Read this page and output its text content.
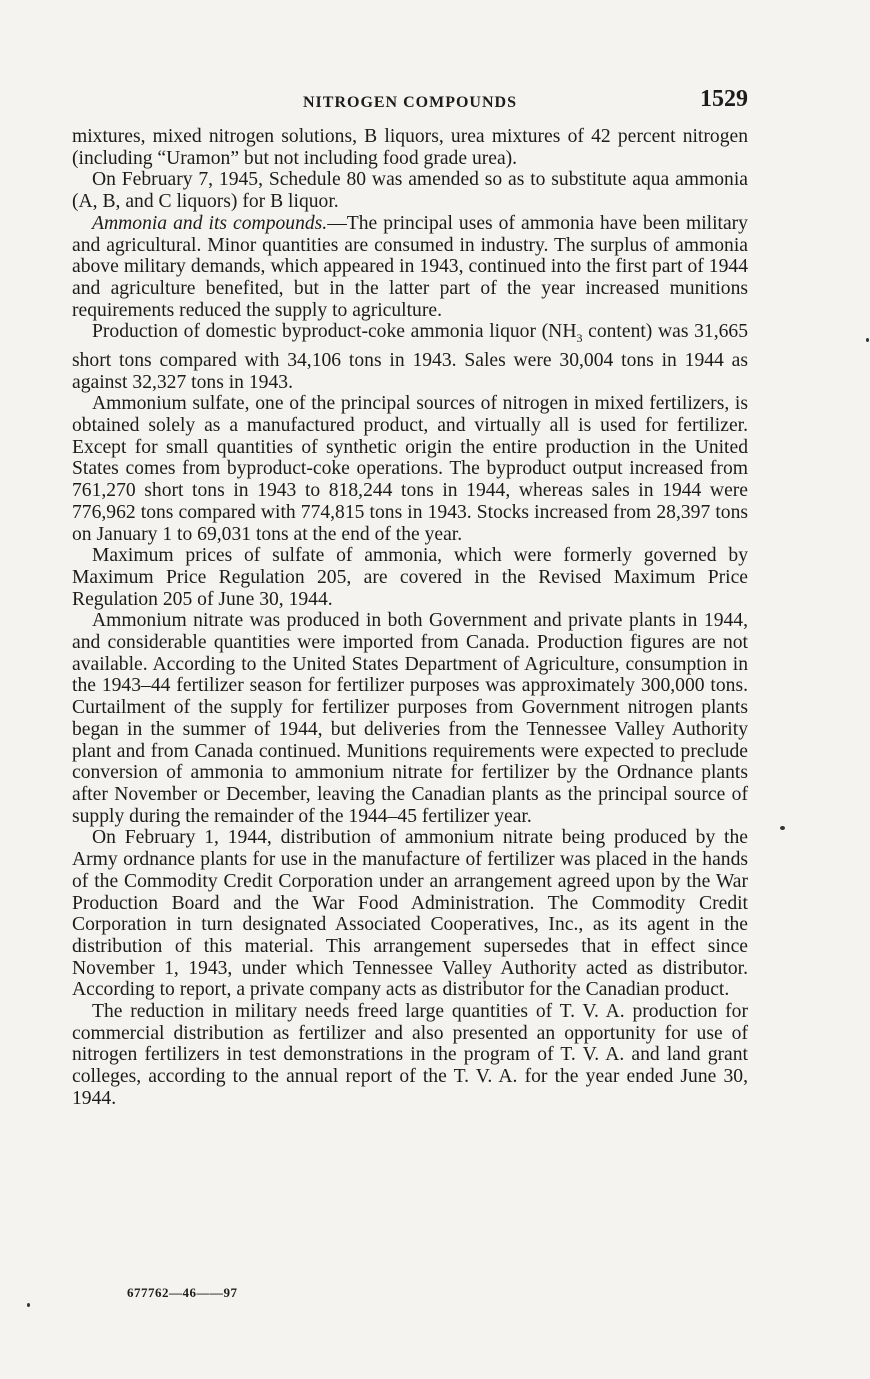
NITROGEN COMPOUNDS	1529

mixtures, mixed nitrogen solutions, B liquors, urea mixtures of 42 percent nitrogen (including “Uramon” but not including food grade urea).

On February 7, 1945, Schedule 80 was amended so as to substitute aqua ammonia (A, B, and C liquors) for B liquor.

Ammonia and its compounds.—The principal uses of ammonia have been military and agricultural. Minor quantities are consumed in industry. The surplus of ammonia above military demands, which appeared in 1943, continued into the first part of 1944 and agriculture benefited, but in the latter part of the year increased munitions requirements reduced the supply to agriculture.

Production of domestic byproduct-coke ammonia liquor ($NH_3$ content) was 31,665 short tons compared with 34,106 tons in 1943. Sales were 30,004 tons in 1944 as against 32,327 tons in 1943.

Ammonium sulfate, one of the principal sources of nitrogen in mixed fertilizers, is obtained solely as a manufactured product, and virtually all is used for fertilizer. Except for small quantities of synthetic origin the entire production in the United States comes from byproduct-coke operations. The byproduct output increased from 761,270 short tons in 1943 to 818,244 tons in 1944, whereas sales in 1944 were 776,962 tons compared with 774,815 tons in 1943. Stocks increased from 28,397 tons on January 1 to 69,031 tons at the end of the year.

Maximum prices of sulfate of ammonia, which were formerly governed by Maximum Price Regulation 205, are covered in the Revised Maximum Price Regulation 205 of June 30, 1944.

Ammonium nitrate was produced in both Government and private plants in 1944, and considerable quantities were imported from Canada. Production figures are not available. According to the United States Department of Agriculture, consumption in the 1943–44 fertilizer season for fertilizer purposes was approximately 300,000 tons. Curtailment of the supply for fertilizer purposes from Government nitrogen plants began in the summer of 1944, but deliveries from the Tennessee Valley Authority plant and from Canada continued. Munitions requirements were expected to preclude conversion of ammonia to ammonium nitrate for fertilizer by the Ordnance plants after November or December, leaving the Canadian plants as the principal source of supply during the remainder of the 1944–45 fertilizer year.

On February 1, 1944, distribution of ammonium nitrate being produced by the Army ordnance plants for use in the manufacture of fertilizer was placed in the hands of the Commodity Credit Corporation under an arrangement agreed upon by the War Production Board and the War Food Administration. The Commodity Credit Corporation in turn designated Associated Cooperatives, Inc., as its agent in the distribution of this material. This arrangement supersedes that in effect since November 1, 1943, under which Tennessee Valley Authority acted as distributor. According to report, a private company acts as distributor for the Canadian product.

The reduction in military needs freed large quantities of T. V. A. production for commercial distribution as fertilizer and also presented an opportunity for use of nitrogen fertilizers in test demonstrations in the program of T. V. A. and land grant colleges, according to the annual report of the T. V. A. for the year ended June 30, 1944.

677762—46——97
